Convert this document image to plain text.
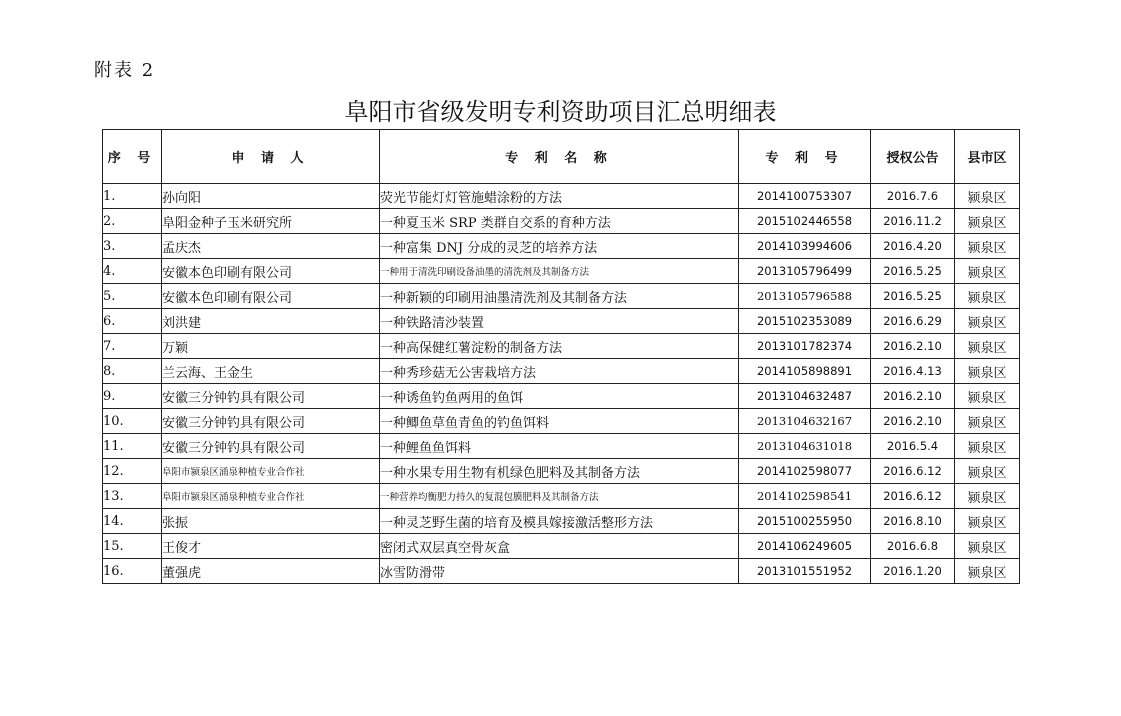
附表 2
阜阳市省级发明专利资助项目汇总明细表
序 号	申 请 人	专 利 名 称	专 利 号	授权公告	县市区
1.	孙向阳	荧光节能灯灯管施蜡涂粉的方法	2014100753307	2016.7.6	颍泉区
2.	阜阳金种子玉米研究所	一种夏玉米 SRP 类群自交系的育种方法	2015102446558	2016.11.2	颍泉区
3.	孟庆杰	一种富集 DNJ 分成的灵芝的培养方法	2014103994606	2016.4.20	颍泉区
4.	安徽本色印刷有限公司	一种用于清洗印刷设备油墨的清洗剂及其制备方法	2013105796499	2016.5.25	颍泉区
5.	安徽本色印刷有限公司	一种新颖的印刷用油墨清洗剂及其制备方法	2013105796588	2016.5.25	颍泉区
6.	刘洪建	一种铁路清沙装置	2015102353089	2016.6.29	颍泉区
7.	万颖	一种高保健红薯淀粉的制备方法	2013101782374	2016.2.10	颍泉区
8.	兰云海、王金生	一种秀珍菇无公害栽培方法	2014105898891	2016.4.13	颍泉区
9.	安徽三分钟钓具有限公司	一种诱鱼钓鱼两用的鱼饵	2013104632487	2016.2.10	颍泉区
10.	安徽三分钟钓具有限公司	一种鲫鱼草鱼青鱼的钓鱼饵料	2013104632167	2016.2.10	颍泉区
11.	安徽三分钟钓具有限公司	一种鲤鱼鱼饵料	2013104631018	2016.5.4	颍泉区
12.	阜阳市颍泉区涌泉种植专业合作社	一种水果专用生物有机绿色肥料及其制备方法	2014102598077	2016.6.12	颍泉区
13.	阜阳市颍泉区涌泉种植专业合作社	一种营养均衡肥力持久的复混包膜肥料及其制备方法	2014102598541	2016.6.12	颍泉区
14.	张振	一种灵芝野生菌的培育及模具嫁接激活整形方法	2015100255950	2016.8.10	颍泉区
15.	王俊才	密闭式双层真空骨灰盒	2014106249605	2016.6.8	颍泉区
16.	董强虎	冰雪防滑带	2013101551952	2016.1.20	颍泉区
